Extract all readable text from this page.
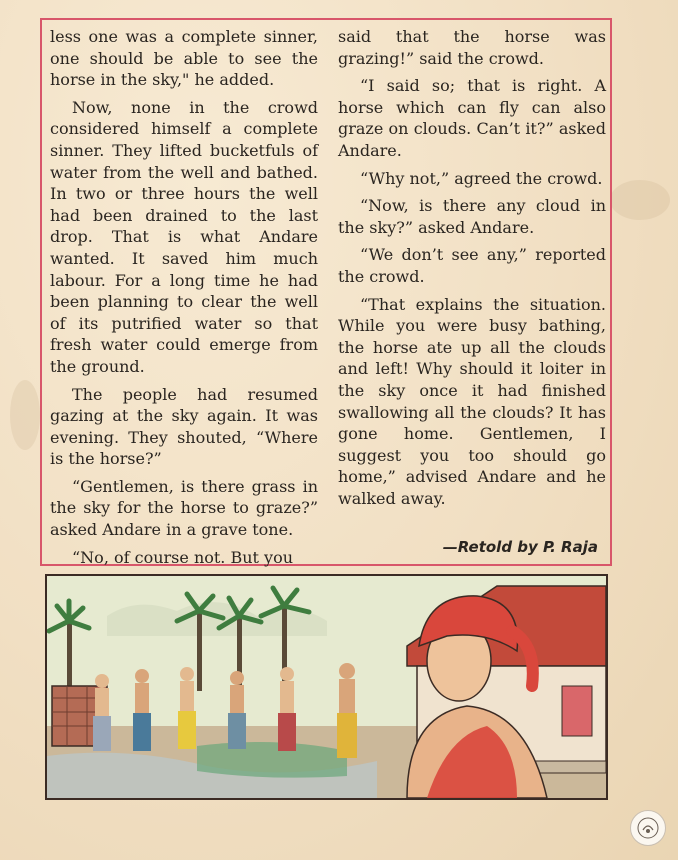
less one was a complete sinner, one should be able to see the horse in the sky," he added.

Now, none in the crowd considered himself a complete sinner. They lifted bucketfuls of water from the well and bathed. In two or three hours the well had been drained to the last drop. That is what Andare wanted. It saved him much labour. For a long time he had been planning to clear the well of its putrified water so that fresh water could emerge from the ground.

The people had resumed gazing at the sky again. It was evening. They shouted, “Where is the horse?”

“Gentlemen, is there grass in the sky for the horse to graze?” asked Andare in a grave tone.

“No, of course not. But you

said that the horse was grazing!” said the crowd.

“I said so; that is right. A horse which can fly can also graze on clouds. Can’t it?” asked Andare.

“Why not,” agreed the crowd.

“Now, is there any cloud in the sky?” asked Andare.

“We don’t see any,” reported the crowd.

“That explains the situation. While you were busy bathing, the horse ate up all the clouds and left! Why should it loiter in the sky once it had finished swallowing all the clouds? It has gone home. Gentlemen, I suggest you too should go home,” advised Andare and he walked away.

—Retold by P. Raja
